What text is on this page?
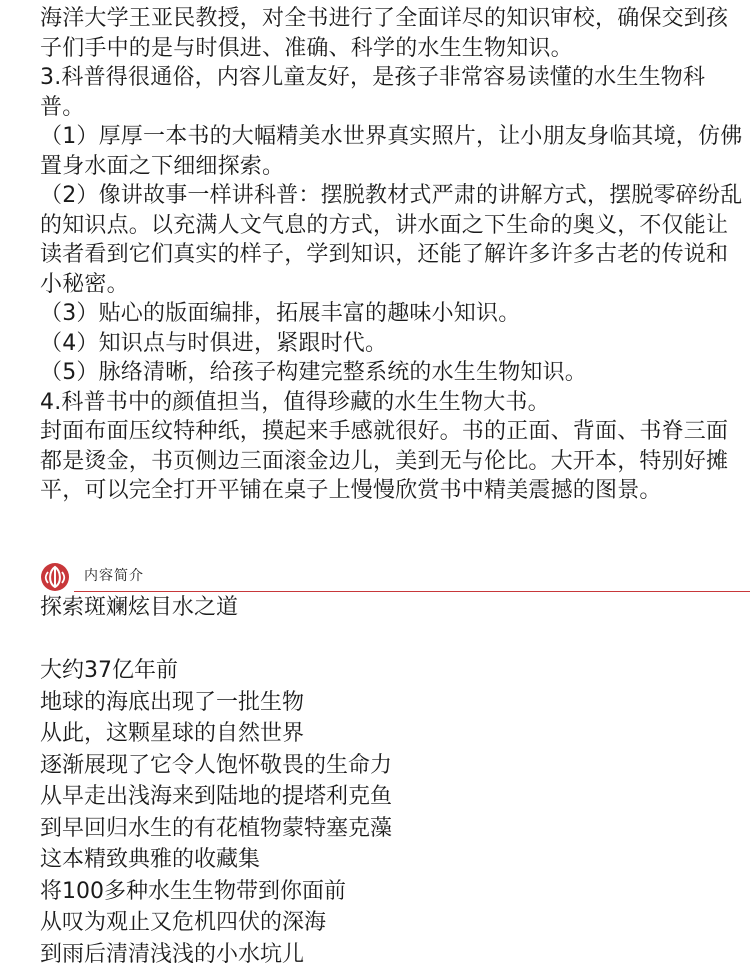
海洋大学王亚民教授，对全书进行了全面详尽的知识审校，确保交到孩子们手中的是与时俱进、准确、科学的水生生物知识。

3.科普得很通俗，内容儿童友好，是孩子非常容易读懂的水生生物科普。

（1）厚厚一本书的大幅精美水世界真实照片，让小朋友身临其境，仿佛置身水面之下细细探索。

（2）像讲故事一样讲科普：摆脱教材式严肃的讲解方式，摆脱零碎纷乱的知识点。以充满人文气息的方式，讲水面之下生命的奥义，不仅能让读者看到它们真实的样子，学到知识，还能了解许多许多古老的传说和小秘密。

（3）贴心的版面编排，拓展丰富的趣味小知识。

（4）知识点与时俱进，紧跟时代。

（5）脉络清晰，给孩子构建完整系统的水生生物知识。

4.科普书中的颜值担当，值得珍藏的水生生物大书。

封面布面压纹特种纸，摸起来手感就很好。书的正面、背面、书脊三面都是烫金，书页侧边三面滚金边儿，美到无与伦比。大开本，特别好摊平，可以完全打开平铺在桌子上慢慢欣赏书中精美震撼的图景。

内容简介

探索斑斓炫目水之道

大约37亿年前

地球的海底出现了一批生物

从此，这颗星球的自然世界

逐渐展现了它令人饱怀敬畏的生命力

从早走出浅海来到陆地的提塔利克鱼

到早回归水生的有花植物蒙特塞克藻

这本精致典雅的收藏集

将100多种水生生物带到你面前

从叹为观止又危机四伏的深海

到雨后清清浅浅的小水坑儿
